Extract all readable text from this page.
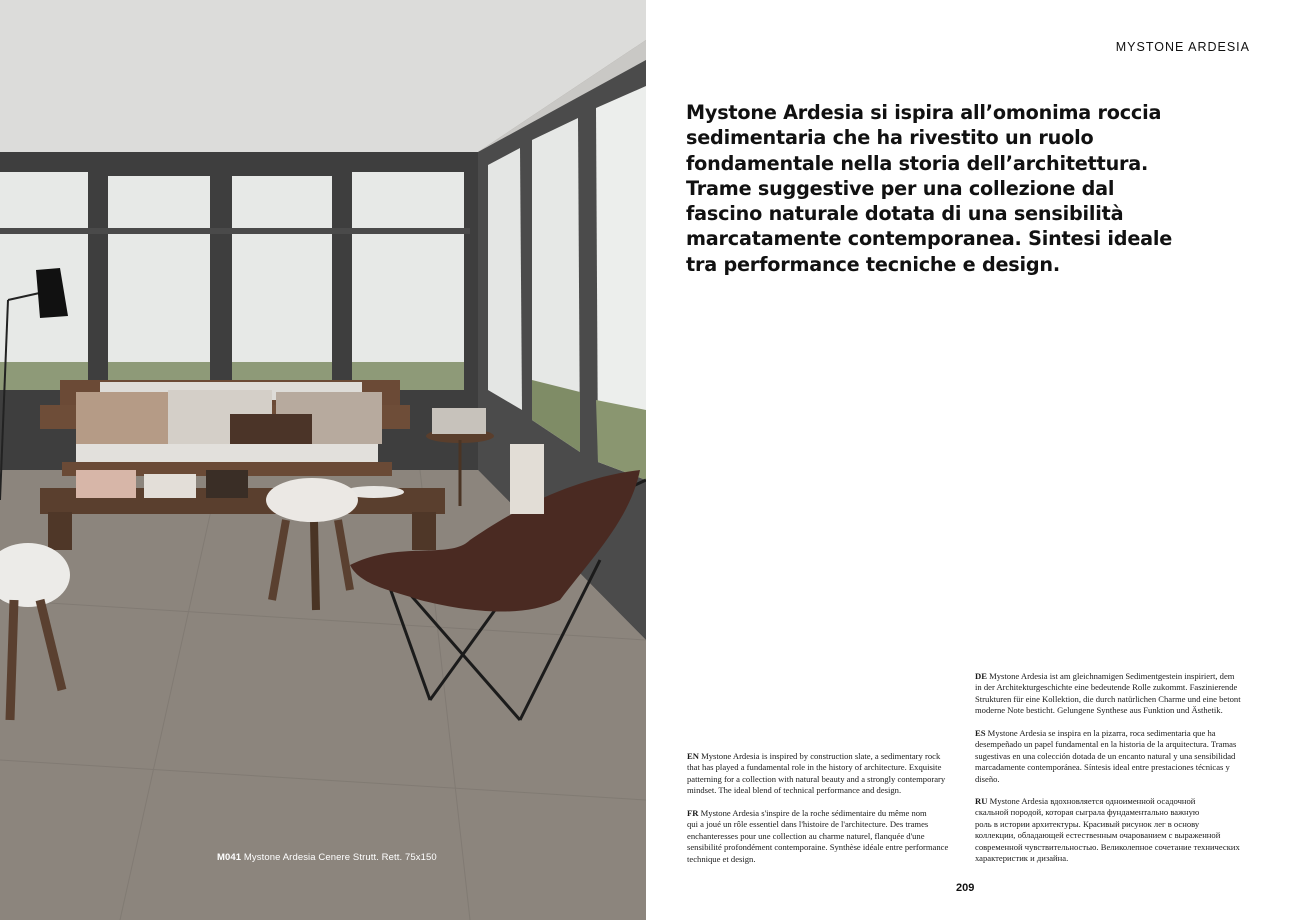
M041 Mystone Ardesia Cenere Strutt. Rett. 75x150
MYSTONE ARDESIA
Mystone Ardesia si ispira all’omonima roccia
sedimentaria che ha rivestito un ruolo
fondamentale nella storia dell’architettura.
Trame suggestive per una collezione dal
fascino naturale dotata di una sensibilità
marcatamente contemporanea. Sintesi ideale
tra performance tecniche e design.
DE Mystone Ardesia ist am gleichnamigen Sedimentgestein inspiriert, dem
in der Architekturgeschichte eine bedeutende Rolle zukommt. Faszinierende
Strukturen für eine Kollektion, die durch natürlichen Charme und eine betont
moderne Note besticht. Gelungene Synthese aus Funktion und Ästhetik.
ES Mystone Ardesia se inspira en la pizarra, roca sedimentaria que ha
desempeñado un papel fundamental en la historia de la arquitectura. Tramas
sugestivas en una colección dotada de un encanto natural y una sensibilidad
marcadamente contemporánea. Síntesis ideal entre prestaciones técnicas y
diseño.
RU Mystone Ardesia вдохновляется одноименной осадочной
скальной породой, которая сыграла фундаментально важную
роль в истории архитектуры. Красивый рисунок лег в основу
коллекции, обладающей естественным очарованием с выраженной
современной чувствительностью. Великолепное сочетание технических
характеристик и дизайна.
EN Mystone Ardesia is inspired by construction slate, a sedimentary rock
that has played a fundamental role in the history of architecture. Exquisite
patterning for a collection with natural beauty and a strongly contemporary
mindset. The ideal blend of technical performance and design.
FR Mystone Ardesia s'inspire de la roche sédimentaire du même nom
qui a joué un rôle essentiel dans l'histoire de l'architecture. Des trames
enchanteresses pour une collection au charme naturel, flanquée d'une
sensibilité profondément contemporaine. Synthèse idéale entre performance
technique et design.
209
